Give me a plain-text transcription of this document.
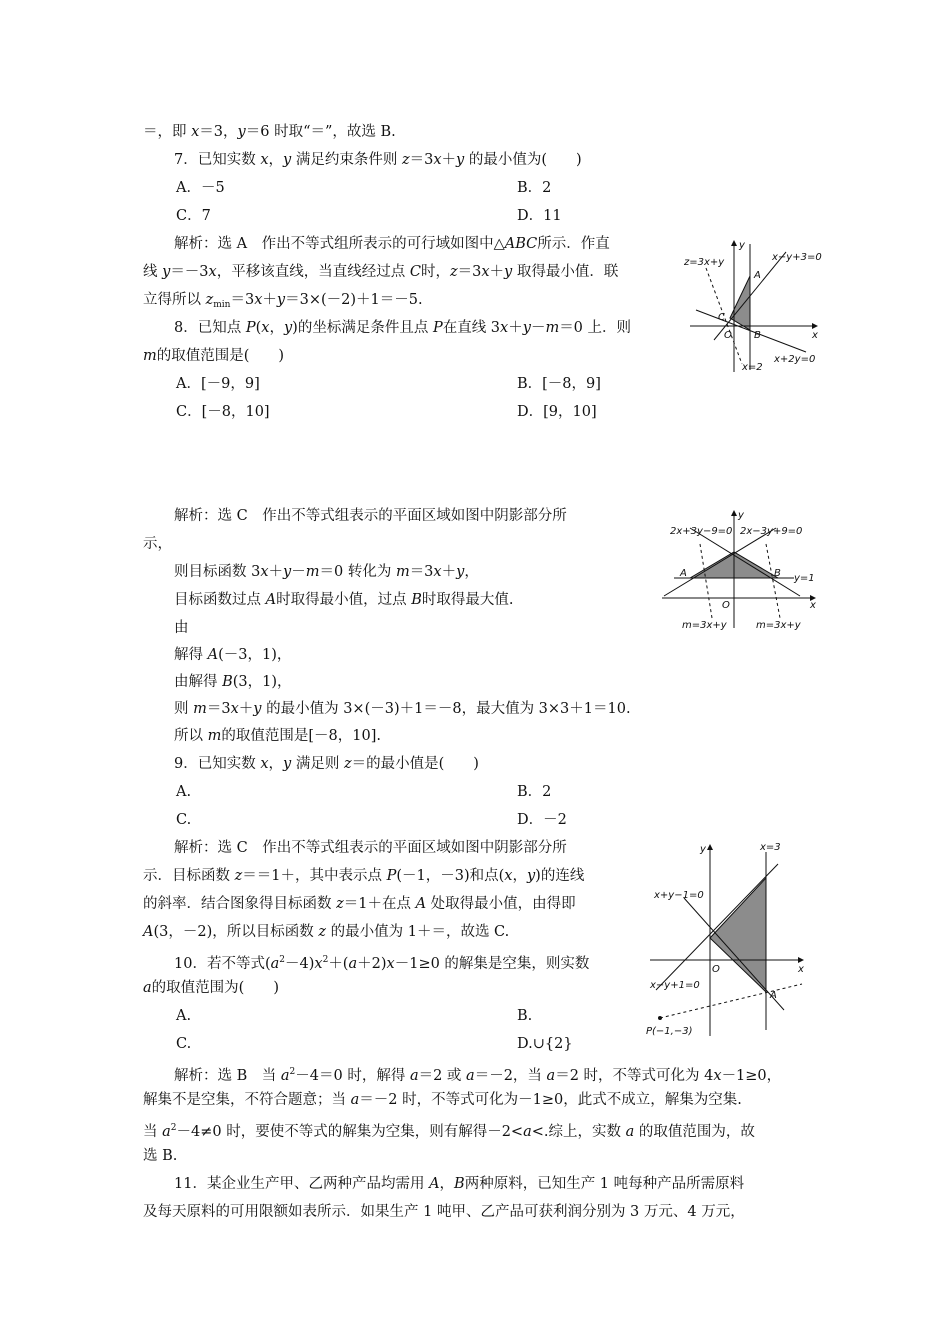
＝，即 x＝3，y＝6 时取“＝”，故选 B.
7．已知实数 x，y 满足约束条件则 z＝3x＋y 的最小值为(　　)
A．－5	B．2
C．7	D．11
解析：选 A　作出不等式组所表示的可行域如图中△ABC所示．作直
线 y＝－3x，平移该直线，当直线经过点 C时，z＝3x＋y 取得最小值．联
立得所以 $z_{min}=3x+y=3\times(-2)+1=-5$.
8．已知点 P(x，y)的坐标满足条件且点 P在直线 3x＋y－m＝0 上．则
m的取值范围是(　　)
A．[－9，9]	B．[－8，9]
C．[－8，10]	D．[9，10]
解析：选 C　作出不等式组表示的平面区域如图中阴影部分所
示，
则目标函数 3x＋y－m＝0 转化为 m＝3x＋y，
目标函数过点 A时取得最小值，过点 B时取得最大值.
由
解得 A(－3，1)，
由解得 B(3，1)，
则 m＝3x＋y 的最小值为 3×(－3)＋1＝－8，最大值为 3×3＋1＝10.
所以 m的取值范围是[－8，10].
9．已知实数 x，y 满足则 z＝的最小值是(　　)
A.	B．2
C.	D．－2
解析：选 C　作出不等式组表示的平面区域如图中阴影部分所
示．目标函数 z＝＝1＋，其中表示点 P(－1，－3)和点(x，y)的连线
的斜率．结合图象得目标函数 z＝1＋在点 A 处取得最小值，由得即
A(3，－2)，所以目标函数 z 的最小值为 1＋＝，故选 C.
10．若不等式$(a^2-4)x^2+(a+2)x-1\ge 0$ 的解集是空集，则实数
a的取值范围为(　　)
A.	B.
C.	D.∪{2}
解析：选 B　当 $a^2-4=0$ 时，解得 a＝2 或 a＝－2，当 a＝2 时，不等式可化为 4x－1≥0，
解集不是空集，不符合题意；当 a＝－2 时，不等式可化为－1≥0，此式不成立，解集为空集.
当 $a^2-4\ne 0$ 时，要使不等式的解集为空集，则有解得－2<a<.综上，实数 a 的取值范围为，故
选 B.
11．某企业生产甲、乙两种产品均需用 A，B两种原料，已知生产 1 吨每种产品所需原料
及每天原料的可用限额如表所示．如果生产 1 吨甲、乙产品可获利润分别为 3 万元、4 万元，
z=3x+y	x−y+3=0
x=2
x+2y=0
x
y
O
A
B
C
2x+3y−9=0 2x−3y+9=0
y=1
m=3x+y	m=3x+y
x
y
O
A	B
x=3
x+y−1=0
x−y+1=0
P(−1,−3)
x
y
O
A
